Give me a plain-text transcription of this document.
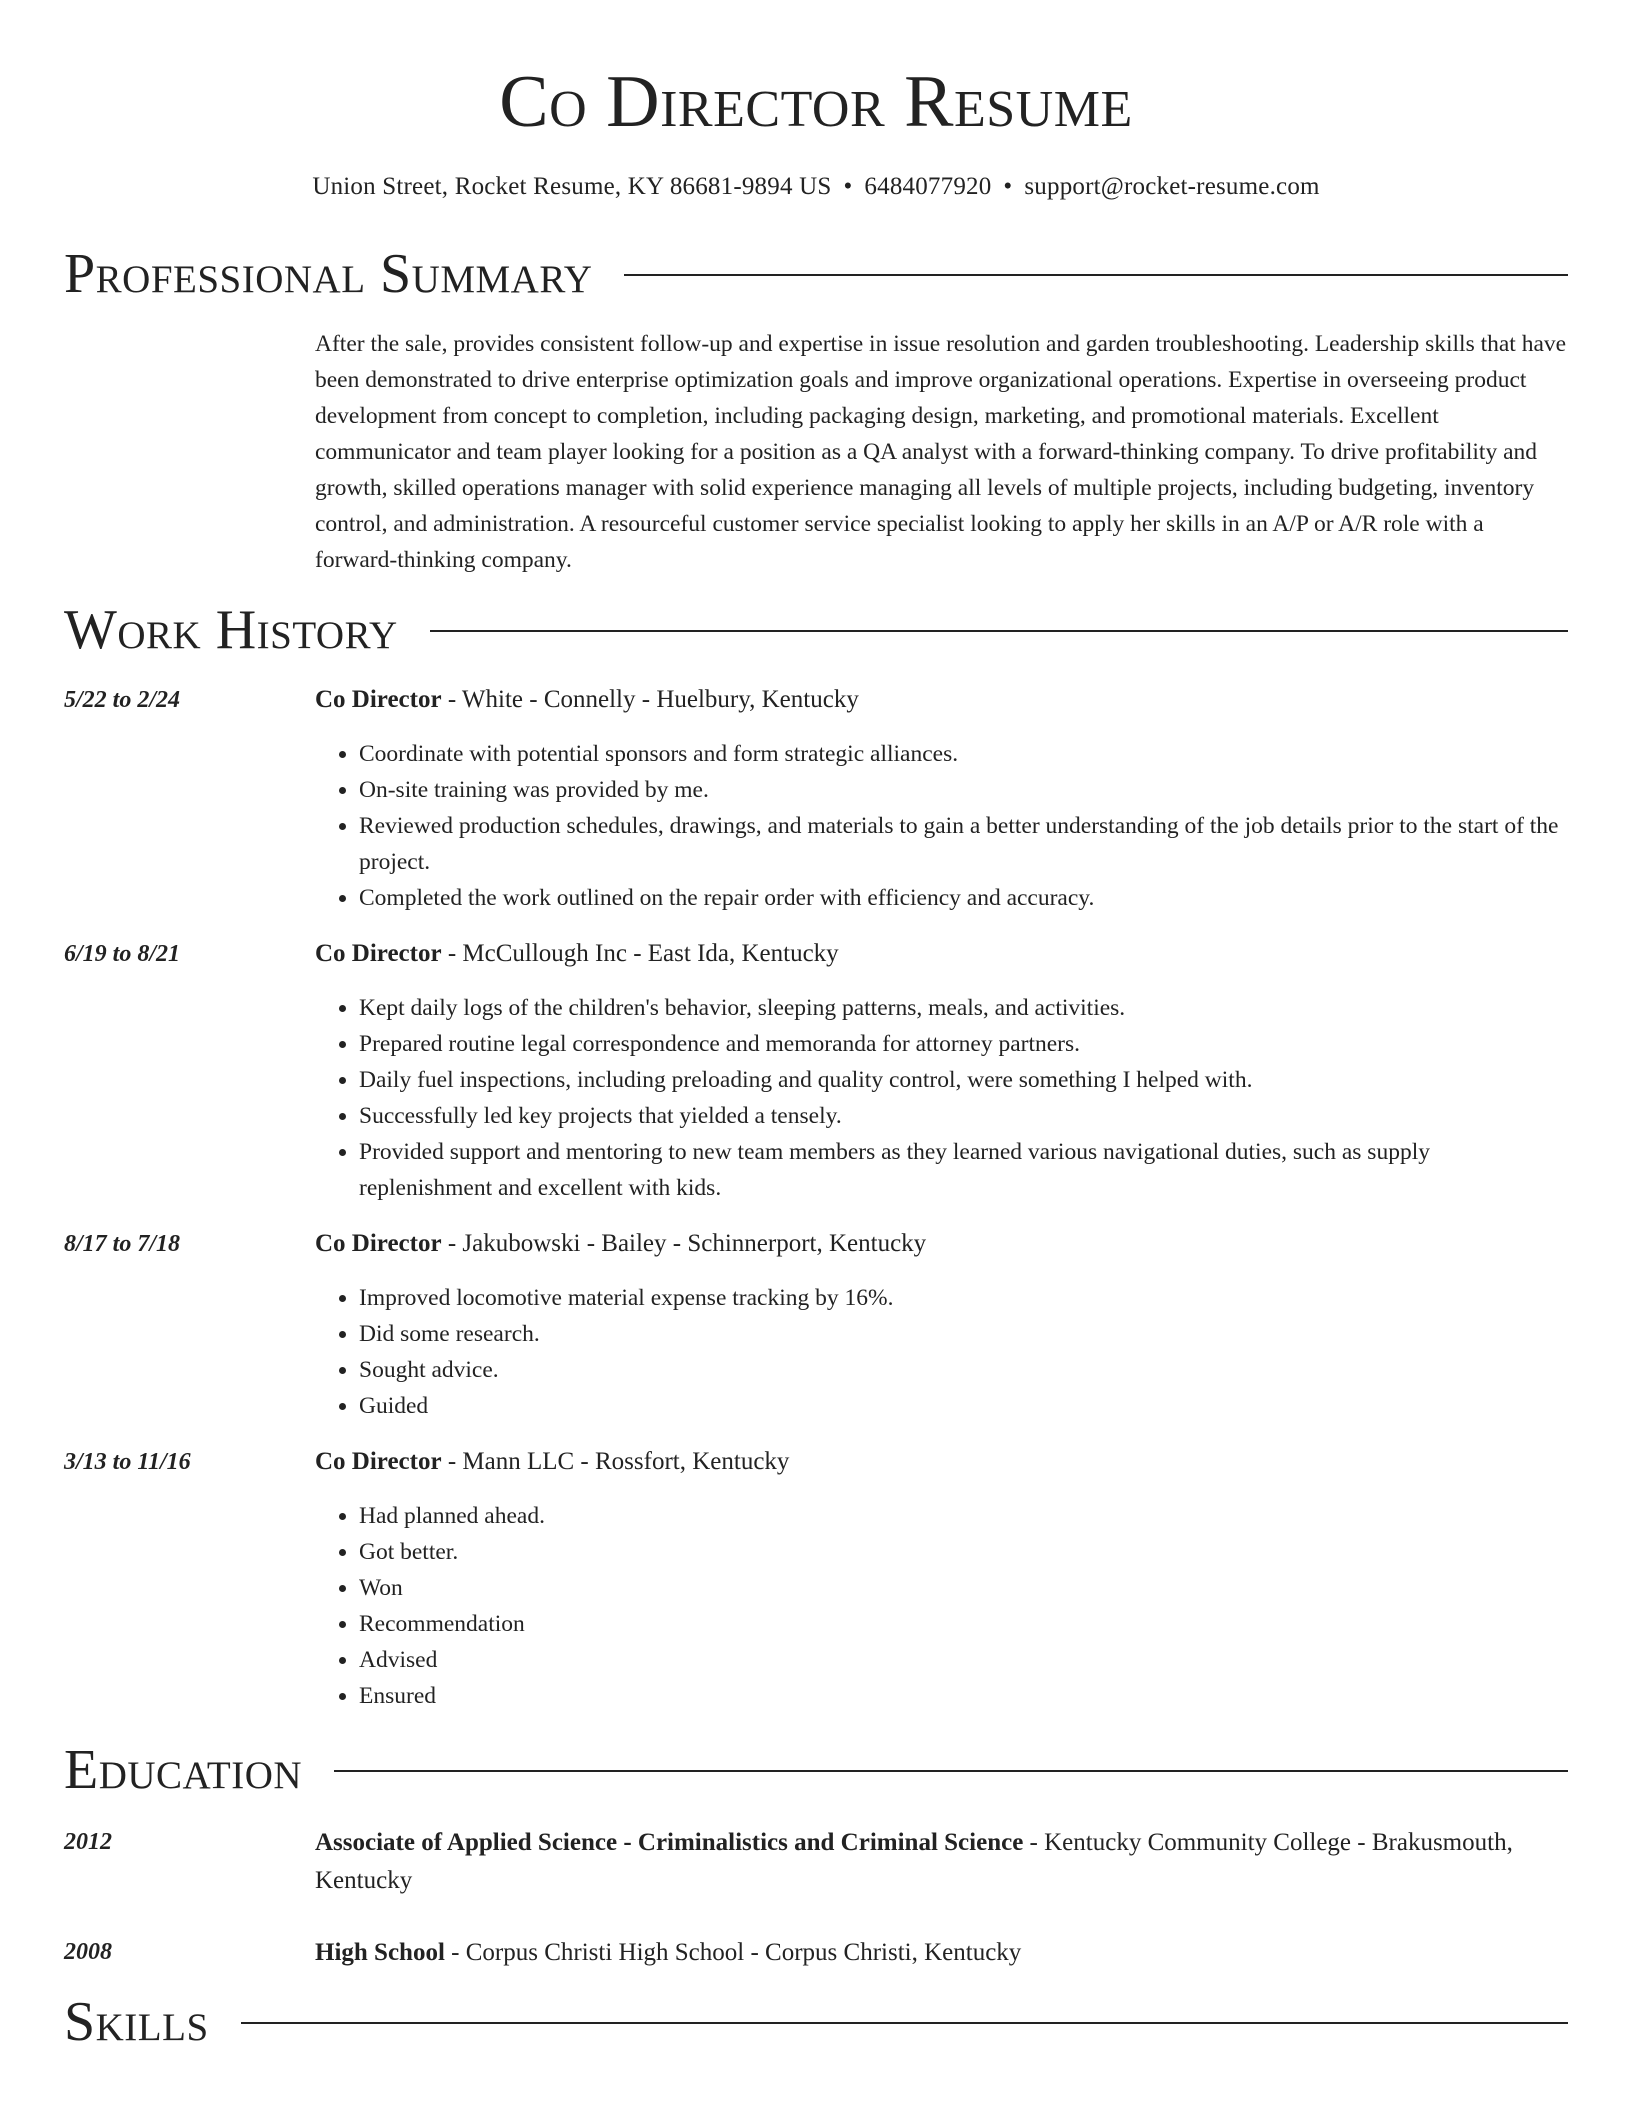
Co Director Resume
Union Street, Rocket Resume, KY 86681-9894 US • 6484077920 • support@rocket-resume.com
Professional Summary
After the sale, provides consistent follow-up and expertise in issue resolution and garden troubleshooting. Leadership skills that have been demonstrated to drive enterprise optimization goals and improve organizational operations. Expertise in overseeing product development from concept to completion, including packaging design, marketing, and promotional materials. Excellent communicator and team player looking for a position as a QA analyst with a forward-thinking company. To drive profitability and growth, skilled operations manager with solid experience managing all levels of multiple projects, including budgeting, inventory control, and administration. A resourceful customer service specialist looking to apply her skills in an A/P or A/R role with a forward-thinking company.
Work History
5/22 to 2/24	Co Director - White - Connelly - Huelbury, Kentucky
• Coordinate with potential sponsors and form strategic alliances.
• On-site training was provided by me.
• Reviewed production schedules, drawings, and materials to gain a better understanding of the job details prior to the start of the project.
• Completed the work outlined on the repair order with efficiency and accuracy.
6/19 to 8/21	Co Director - McCullough Inc - East Ida, Kentucky
• Kept daily logs of the children's behavior, sleeping patterns, meals, and activities.
• Prepared routine legal correspondence and memoranda for attorney partners.
• Daily fuel inspections, including preloading and quality control, were something I helped with.
• Successfully led key projects that yielded a tensely.
• Provided support and mentoring to new team members as they learned various navigational duties, such as supply replenishment and excellent with kids.
8/17 to 7/18	Co Director - Jakubowski - Bailey - Schinnerport, Kentucky
• Improved locomotive material expense tracking by 16%.
• Did some research.
• Sought advice.
• Guided
3/13 to 11/16	Co Director - Mann LLC - Rossfort, Kentucky
• Had planned ahead.
• Got better.
• Won
• Recommendation
• Advised
• Ensured
Education
2012	Associate of Applied Science - Criminalistics and Criminal Science - Kentucky Community College - Brakusmouth, Kentucky
2008	High School - Corpus Christi High School - Corpus Christi, Kentucky
Skills
